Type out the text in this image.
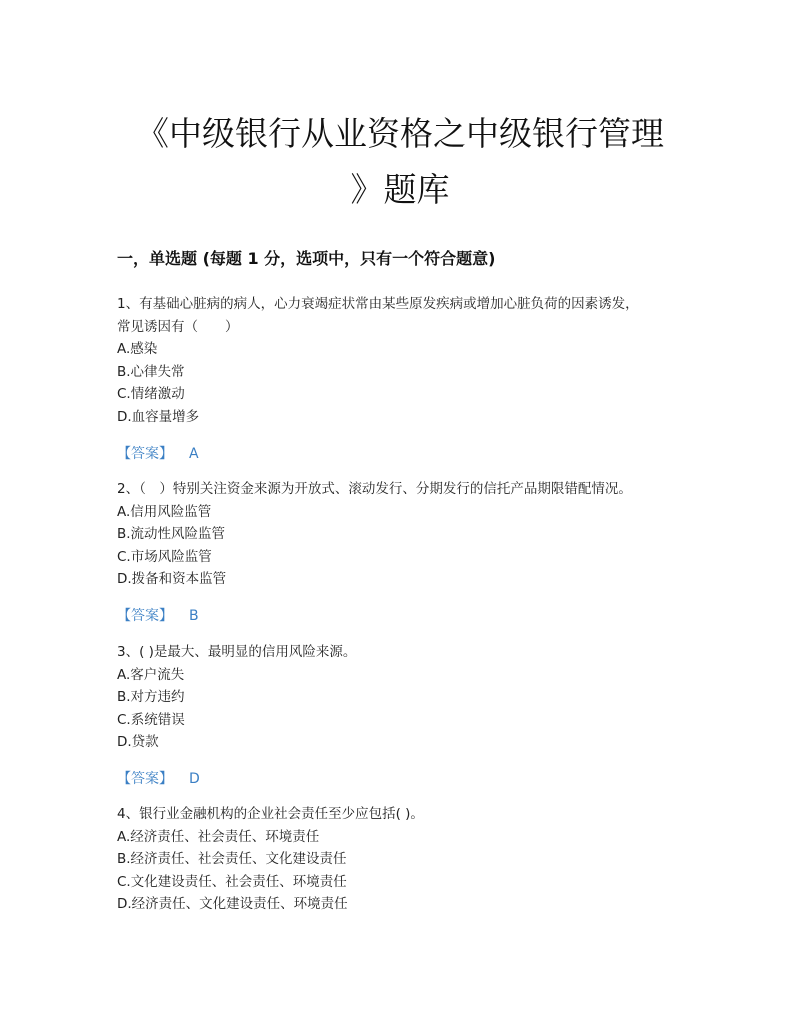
《中级银行从业资格之中级银行管理
》题库
一，单选题 (每题 1 分，选项中，只有一个符合题意)

1、有基础心脏病的病人，心力衰竭症状常由某些原发疾病或增加心脏负荷的因素诱发，

常见诱因有（　　）

A.感染

B.心律失常

C.情绪激动

D.血容量增多

【答案】 A

2、（　）特别关注资金来源为开放式、滚动发行、分期发行的信托产品期限错配情况。

A.信用风险监管

B.流动性风险监管

C.市场风险监管

D.拨备和资本监管

【答案】 B

3、( )是最大、最明显的信用风险来源。

A.客户流失

B.对方违约

C.系统错误

D.贷款

【答案】 D

4、银行业金融机构的企业社会责任至少应包括( )。

A.经济责任、社会责任、环境责任

B.经济责任、社会责任、文化建设责任

C.文化建设责任、社会责任、环境责任

D.经济责任、文化建设责任、环境责任
